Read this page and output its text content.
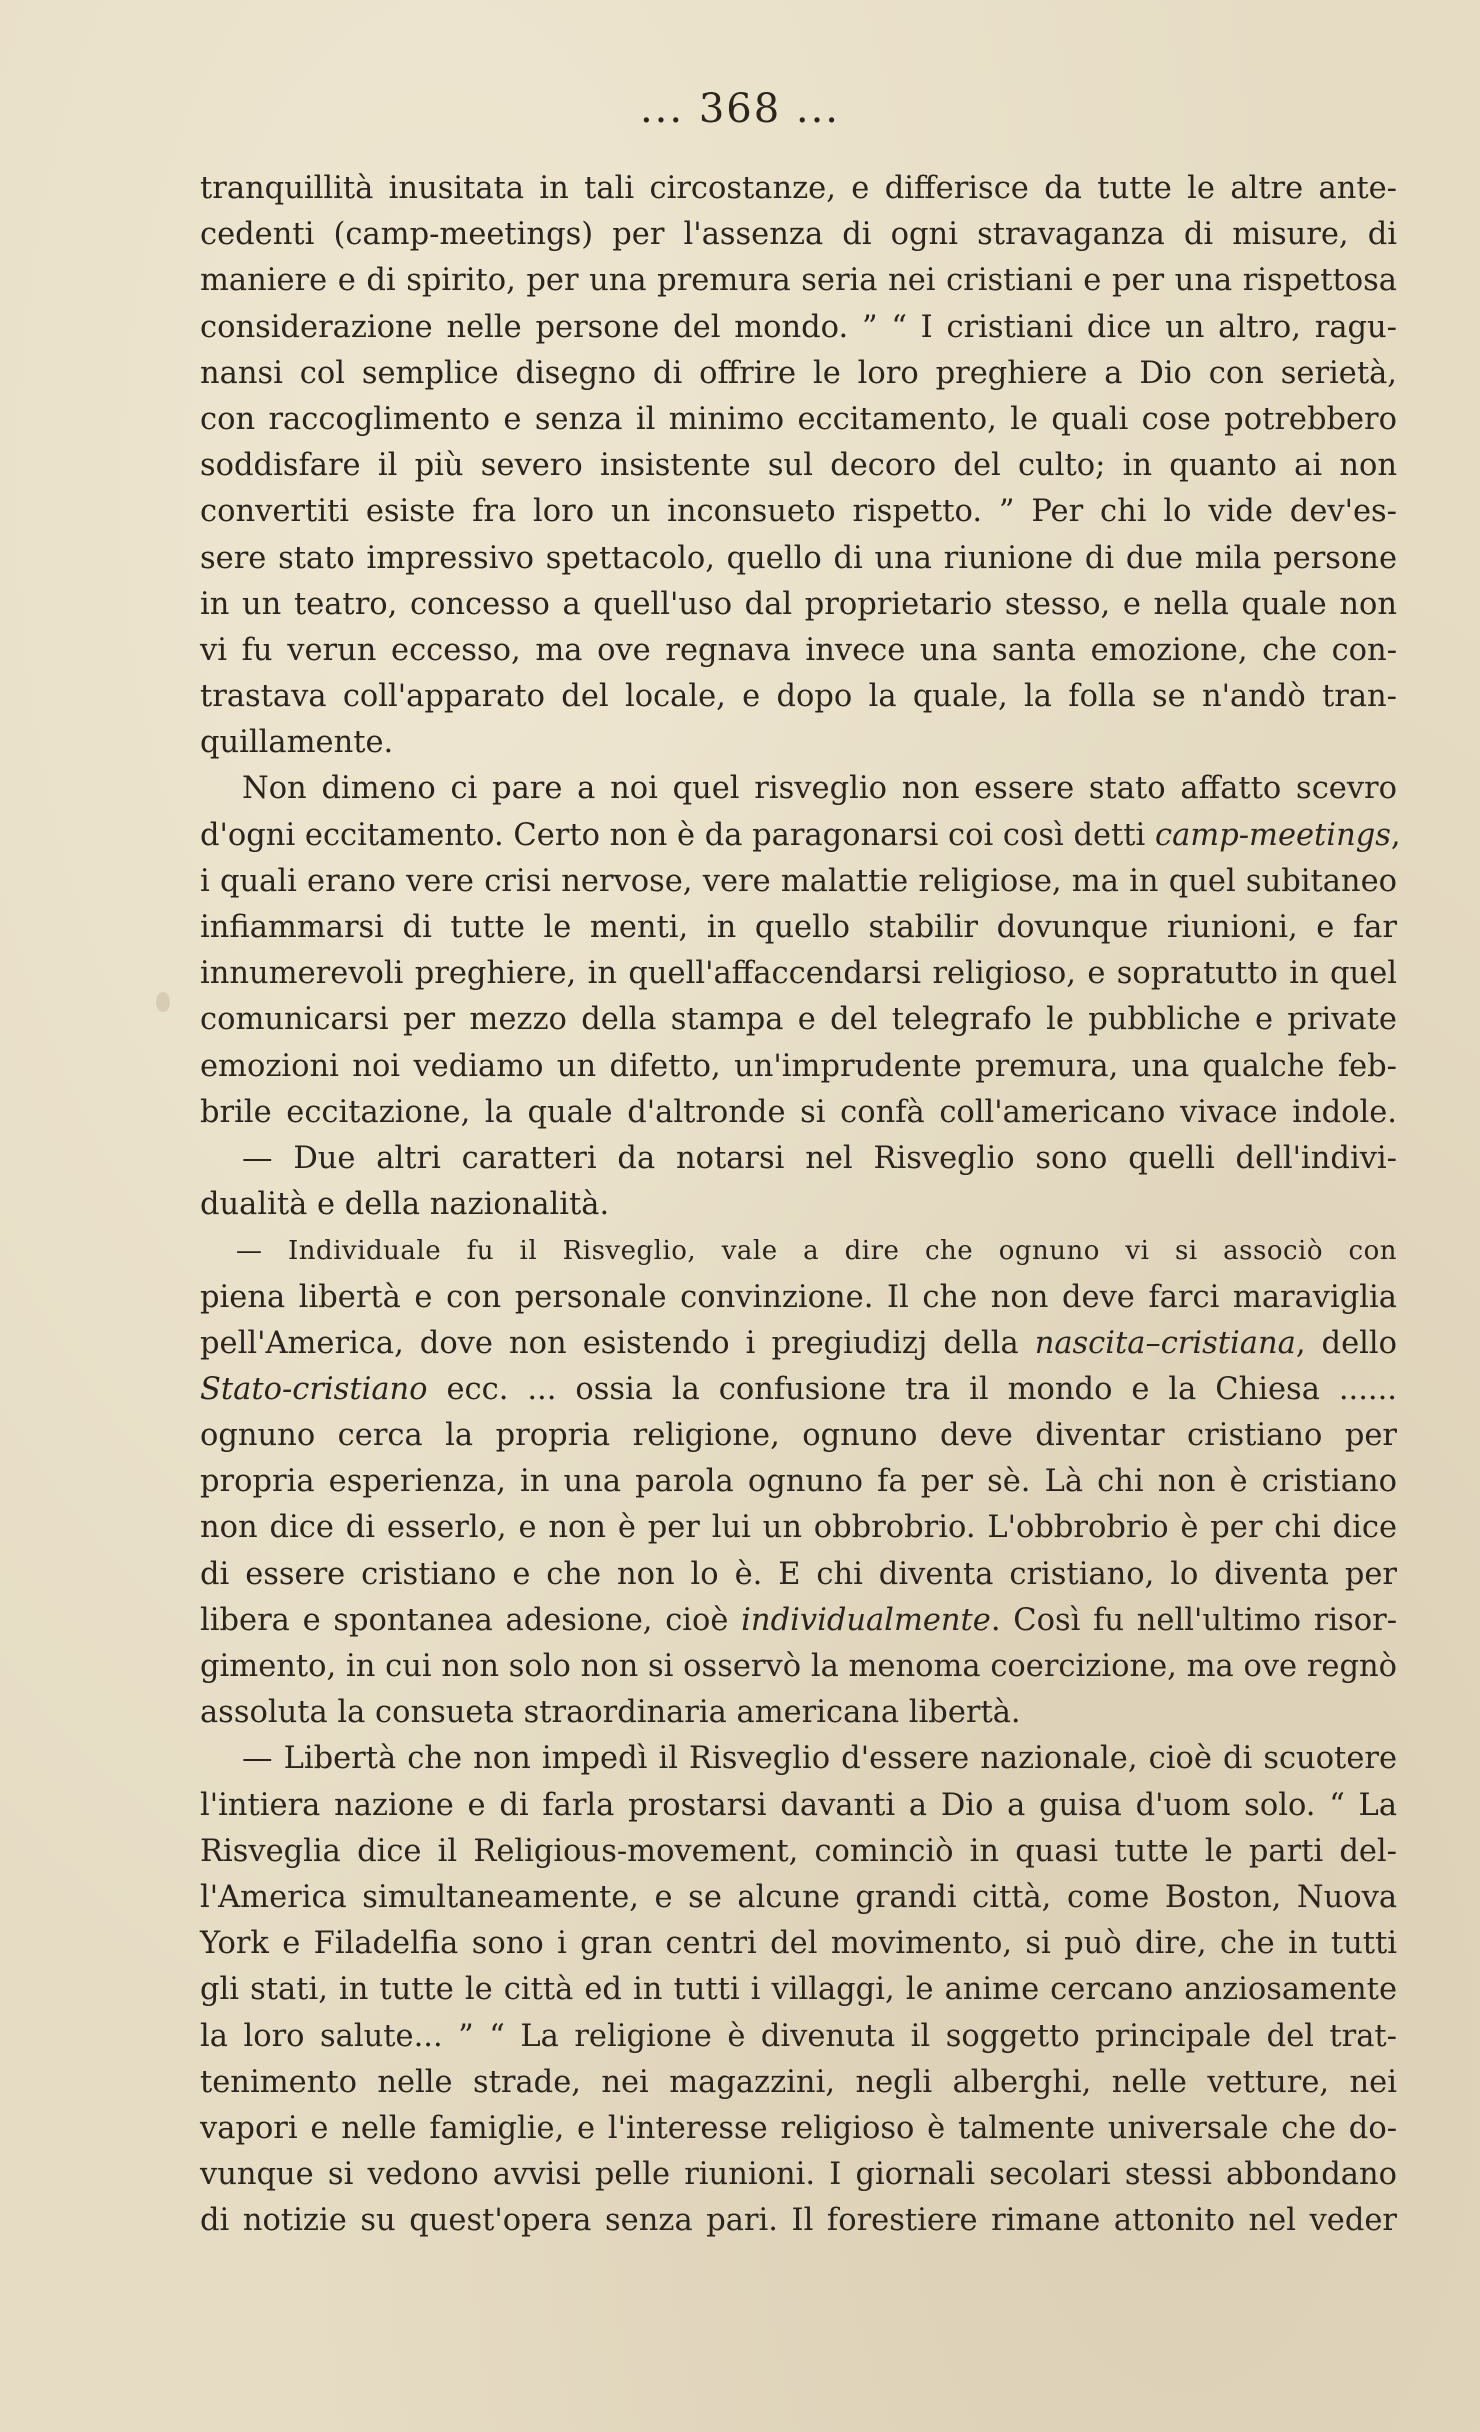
... 368 ...
tranquillità inusitata in tali circostanze, e differisce da tutte le altre ante-
cedenti (camp-meetings) per l'assenza di ogni stravaganza di misure, di
maniere e di spirito, per una premura seria nei cristiani e per una rispettosa
considerazione nelle persone del mondo. ” “ I cristiani dice un altro, ragu-
nansi col semplice disegno di offrire le loro preghiere a Dio con serietà,
con raccoglimento e senza il minimo eccitamento, le quali cose potrebbero
soddisfare il più severo insistente sul decoro del culto; in quanto ai non
convertiti esiste fra loro un inconsueto rispetto. ” Per chi lo vide dev'es-
sere stato impressivo spettacolo, quello di una riunione di due mila persone
in un teatro, concesso a quell'uso dal proprietario stesso, e nella quale non
vi fu verun eccesso, ma ove regnava invece una santa emozione, che con-
trastava coll'apparato del locale, e dopo la quale, la folla se n'andò tran-
quillamente.
Non dimeno ci pare a noi quel risveglio non essere stato affatto scevro
d'ogni eccitamento. Certo non è da paragonarsi coi così detti camp-meetings,
i quali erano vere crisi nervose, vere malattie religiose, ma in quel subitaneo
infiammarsi di tutte le menti, in quello stabilir dovunque riunioni, e far
innumerevoli preghiere, in quell'affaccendarsi religioso, e sopratutto in quel
comunicarsi per mezzo della stampa e del telegrafo le pubbliche e private
emozioni noi vediamo un difetto, un'imprudente premura, una qualche feb-
brile eccitazione, la quale d'altronde si confà coll'americano vivace indole.
— Due altri caratteri da notarsi nel Risveglio sono quelli dell'indivi-
dualità e della nazionalità.
— Individuale fu il Risveglio, vale a dire che ognuno vi si associò con
piena libertà e con personale convinzione. Il che non deve farci maraviglia
pell'America, dove non esistendo i pregiudizj della nascita–cristiana, dello
Stato-cristiano ecc. ... ossia la confusione tra il mondo e la Chiesa ......
ognuno cerca la propria religione, ognuno deve diventar cristiano per
propria esperienza, in una parola ognuno fa per sè. Là chi non è cristiano
non dice di esserlo, e non è per lui un obbrobrio. L'obbrobrio è per chi dice
di essere cristiano e che non lo è. E chi diventa cristiano, lo diventa per
libera e spontanea adesione, cioè individualmente. Così fu nell'ultimo risor-
gimento, in cui non solo non si osservò la menoma coercizione, ma ove regnò
assoluta la consueta straordinaria americana libertà.
— Libertà che non impedì il Risveglio d'essere nazionale, cioè di scuotere
l'intiera nazione e di farla prostarsi davanti a Dio a guisa d'uom solo. “ La
Risveglia dice il Religious-movement, cominciò in quasi tutte le parti del-
l'America simultaneamente, e se alcune grandi città, come Boston, Nuova
York e Filadelfia sono i gran centri del movimento, si può dire, che in tutti
gli stati, in tutte le città ed in tutti i villaggi, le anime cercano anziosamente
la loro salute... ” “ La religione è divenuta il soggetto principale del trat-
tenimento nelle strade, nei magazzini, negli alberghi, nelle vetture, nei
vapori e nelle famiglie, e l'interesse religioso è talmente universale che do-
vunque si vedono avvisi pelle riunioni. I giornali secolari stessi abbondano
di notizie su quest'opera senza pari. Il forestiere rimane attonito nel veder
